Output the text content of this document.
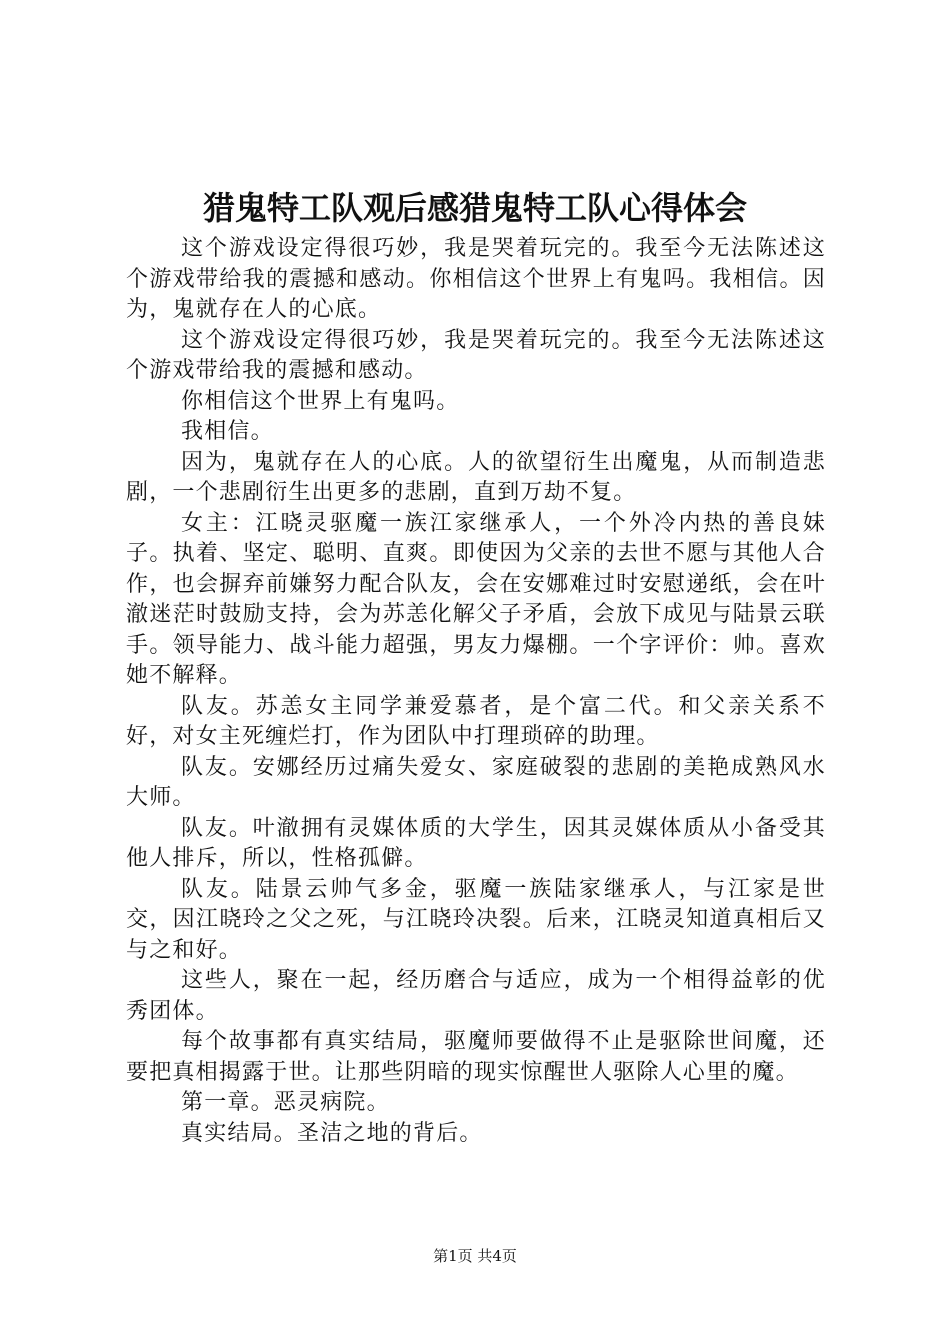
猎鬼特工队观后感猎鬼特工队心得体会

这个游戏设定得很巧妙，我是哭着玩完的。我至今无法陈述这个游戏带给我的震撼和感动。你相信这个世界上有鬼吗。我相信。因为，鬼就存在人的心底。

这个游戏设定得很巧妙，我是哭着玩完的。我至今无法陈述这个游戏带给我的震撼和感动。

你相信这个世界上有鬼吗。

我相信。

因为，鬼就存在人的心底。人的欲望衍生出魔鬼，从而制造悲剧，一个悲剧衍生出更多的悲剧，直到万劫不复。

女主：江晓灵驱魔一族江家继承人，一个外冷内热的善良妹子。执着、坚定、聪明、直爽。即使因为父亲的去世不愿与其他人合作，也会摒弃前嫌努力配合队友，会在安娜难过时安慰递纸，会在叶澈迷茫时鼓励支持，会为苏恙化解父子矛盾，会放下成见与陆景云联手。领导能力、战斗能力超强，男友力爆棚。一个字评价：帅。喜欢她不解释。

队友。苏恙女主同学兼爱慕者，是个富二代。和父亲关系不好，对女主死缠烂打，作为团队中打理琐碎的助理。

队友。安娜经历过痛失爱女、家庭破裂的悲剧的美艳成熟风水大师。

队友。叶澈拥有灵媒体质的大学生，因其灵媒体质从小备受其他人排斥，所以，性格孤僻。

队友。陆景云帅气多金，驱魔一族陆家继承人，与江家是世交，因江晓玲之父之死，与江晓玲决裂。后来，江晓灵知道真相后又与之和好。

这些人，聚在一起，经历磨合与适应，成为一个相得益彰的优秀团体。

每个故事都有真实结局，驱魔师要做得不止是驱除世间魔，还要把真相揭露于世。让那些阴暗的现实惊醒世人驱除人心里的魔。

第一章。恶灵病院。

真实结局。圣洁之地的背后。

第1页 共4页
